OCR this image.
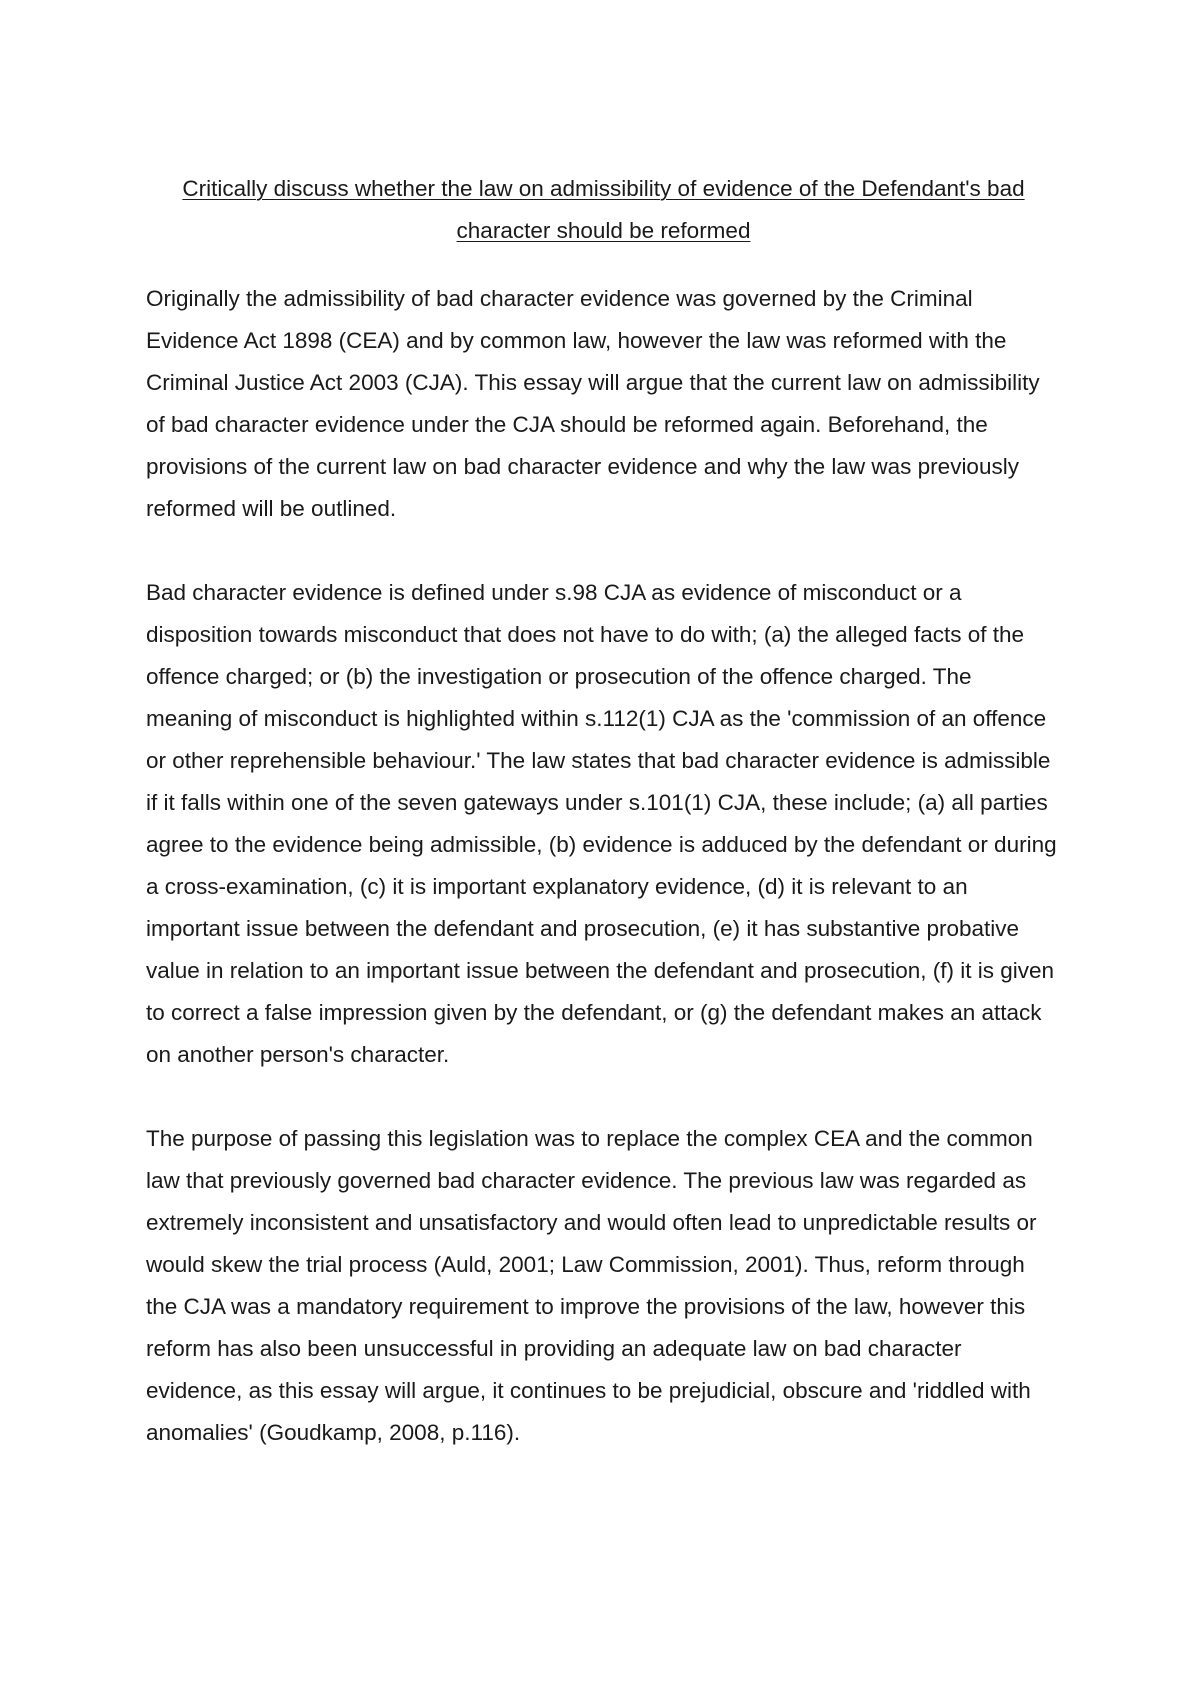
Critically discuss whether the law on admissibility of evidence of the Defendant's bad character should be reformed

Originally the admissibility of bad character evidence was governed by the Criminal Evidence Act 1898 (CEA) and by common law, however the law was reformed with the Criminal Justice Act 2003 (CJA). This essay will argue that the current law on admissibility of bad character evidence under the CJA should be reformed again. Beforehand, the provisions of the current law on bad character evidence and why the law was previously reformed will be outlined.

Bad character evidence is defined under s.98 CJA as evidence of misconduct or a disposition towards misconduct that does not have to do with; (a) the alleged facts of the offence charged; or (b) the investigation or prosecution of the offence charged. The meaning of misconduct is highlighted within s.112(1) CJA as the 'commission of an offence or other reprehensible behaviour.' The law states that bad character evidence is admissible if it falls within one of the seven gateways under s.101(1) CJA, these include; (a) all parties agree to the evidence being admissible, (b) evidence is adduced by the defendant or during a cross-examination, (c) it is important explanatory evidence, (d) it is relevant to an important issue between the defendant and prosecution, (e) it has substantive probative value in relation to an important issue between the defendant and prosecution, (f) it is given to correct a false impression given by the defendant, or (g) the defendant makes an attack on another person's character.

The purpose of passing this legislation was to replace the complex CEA and the common law that previously governed bad character evidence. The previous law was regarded as extremely inconsistent and unsatisfactory and would often lead to unpredictable results or would skew the trial process (Auld, 2001; Law Commission, 2001). Thus, reform through the CJA was a mandatory requirement to improve the provisions of the law, however this reform has also been unsuccessful in providing an adequate law on bad character evidence, as this essay will argue, it continues to be prejudicial, obscure and 'riddled with anomalies' (Goudkamp, 2008, p.116).
